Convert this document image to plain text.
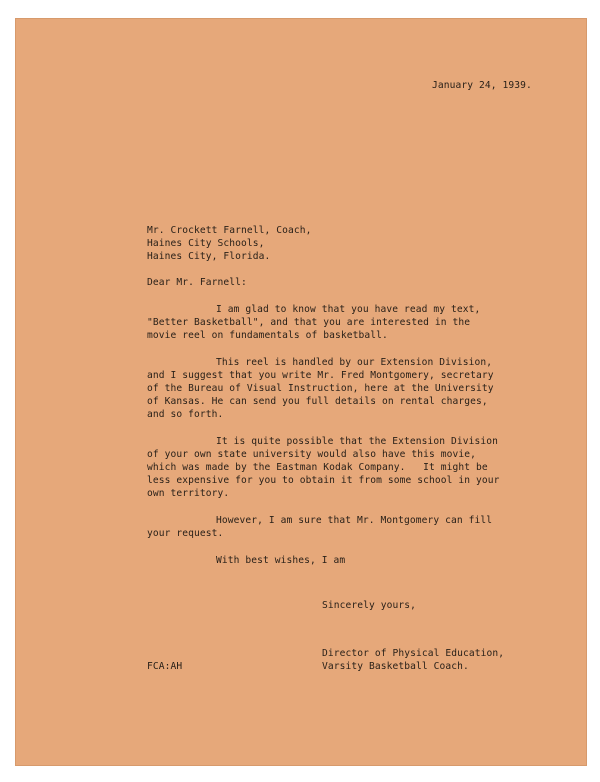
January 24, 1939.
Mr. Crockett Farnell, Coach,
Haines City Schools,
Haines City, Florida.
Dear Mr. Farnell:
I am glad to know that you have read my text,
"Better Basketball", and that you are interested in the
movie reel on fundamentals of basketball.
This reel is handled by our Extension Division,
and I suggest that you write Mr. Fred Montgomery, secretary
of the Bureau of Visual Instruction, here at the University
of Kansas. He can send you full details on rental charges,
and so forth.
It is quite possible that the Extension Division
of your own state university would also have this movie,
which was made by the Eastman Kodak Company.   It might be
less expensive for you to obtain it from some school in your
own territory.
However, I am sure that Mr. Montgomery can fill
your request.
With best wishes, I am
Sincerely yours,
Director of Physical Education,
Varsity Basketball Coach.
FCA:AH
